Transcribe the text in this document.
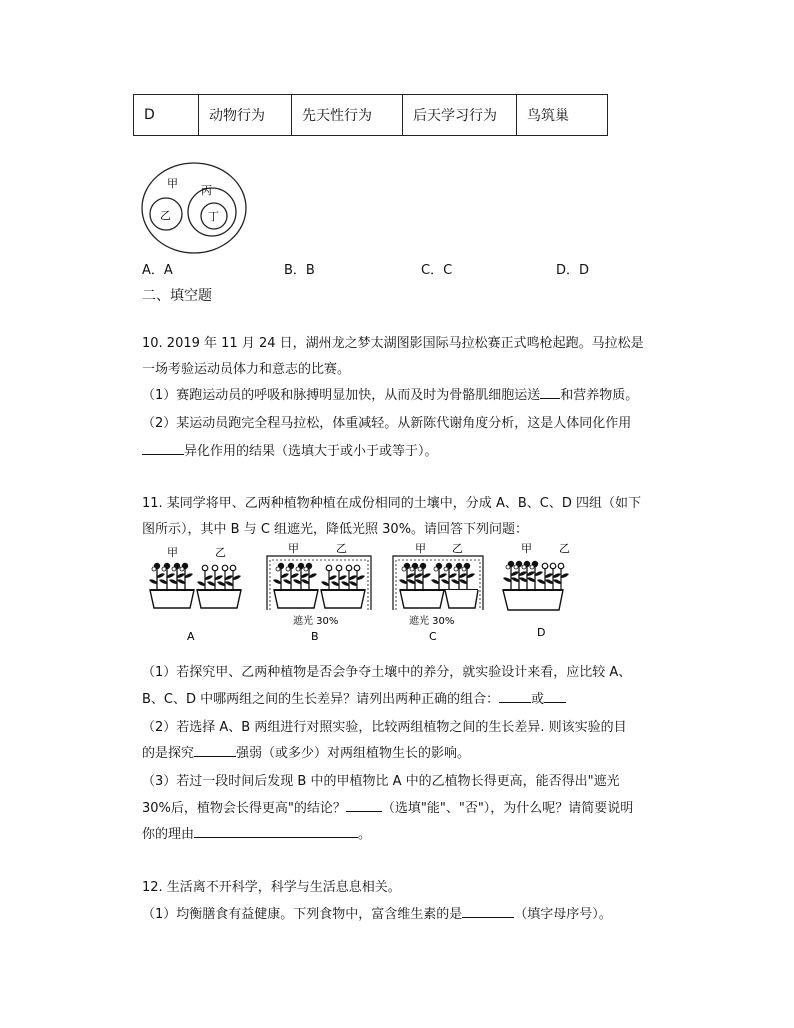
D	动物行为	先天性行为	后天学习行为	鸟筑巢
甲
乙
丙
丁
A．A	B．B	C．C	D．D
二、填空题
10. 2019 年 11 月 24 日，湖州龙之梦太湖图影国际马拉松赛正式鸣枪起跑。马拉松是
一场考验运动员体力和意志的比赛。
（1）赛跑运动员的呼吸和脉搏明显加快，从而及时为骨骼肌细胞运送 和营养物质。
（2）某运动员跑完全程马拉松，体重减轻。从新陈代谢角度分析，这是人体同化作用
异化作用的结果（选填大于或小于或等于）。
11. 某同学将甲、乙两种植物种植在成份相同的土壤中，分成 A、B、C、D 四组（如下
图所示），其中 B 与 C 组遮光，降低光照 30%。请回答下列问题：
甲	乙
A
甲	乙
遮光 30%
B
甲 乙
遮光 30%
C
甲 乙
D
（1）若探究甲、乙两种植物是否会争夺土壤中的养分，就实验设计来看，应比较 A、
B、C、D 中哪两组之间的生长差异？请列出两种正确的组合： 或
（2）若选择 A、B 两组进行对照实验，比较两组植物之间的生长差异. 则该实验的目
的是探究	强弱（或多少）对两组植物生长的影响。
（3）若过一段时间后发现 B 中的甲植物比 A 中的乙植物长得更高，能否得出"遮光
30%后，植物会长得更高"的结论？	（选填"能"、"否"），为什么呢？请简要说明
你的理由	。
12. 生活离不开科学，科学与生活息息相关。
（1）均衡膳食有益健康。下列食物中，富含维生素的是	（填字母序号）。
